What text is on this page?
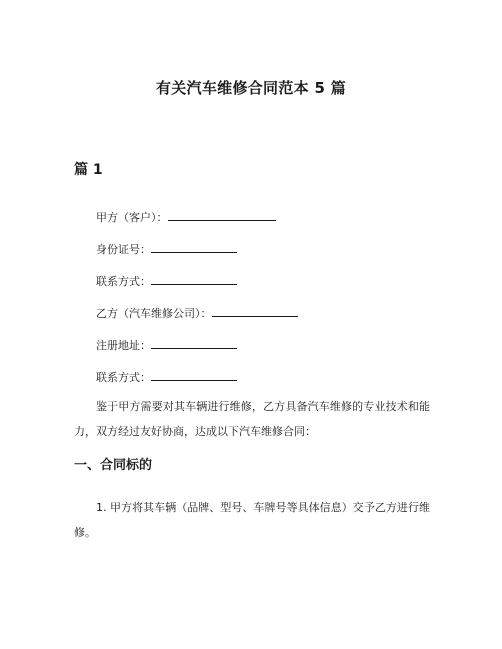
有关汽车维修合同范本 5 篇
篇 1
甲方（客户）：
身份证号：
联系方式：
乙方（汽车维修公司）：
注册地址：
联系方式：
鉴于甲方需要对其车辆进行维修，乙方具备汽车维修的专业技术和能力，双方经过友好协商，达成以下汽车维修合同：
一、合同标的
1. 甲方将其车辆（品牌、型号、车牌号等具体信息）交予乙方进行维修。
